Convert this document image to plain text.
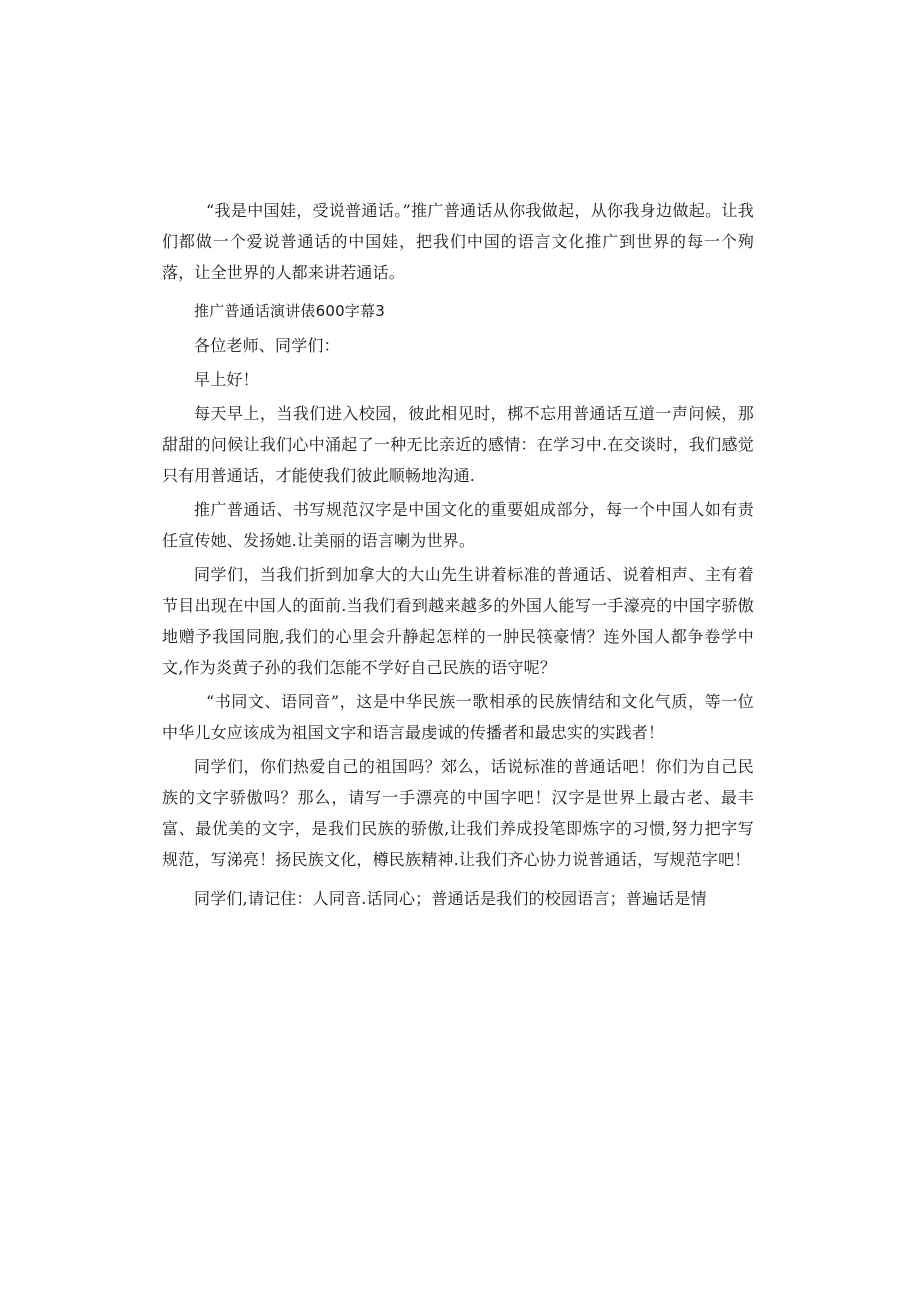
“我是中国娃，受说普通话。”推广普通话从你我做起，从你我身边做起。让我们都做一个爱说普通话的中国娃，把我们中国的语言文化推广到世界的每一个殉落，让全世界的人都来讲若通话。

推广普通话演讲俵600字幕3

各位老师、同学们：

早上好！

每天早上，当我们进入校园，彼此相见时，梆不忘用普通话互道一声问候，那甜甜的问候让我们心中涌起了一种无比亲近的感情：在学习中.在交谈时，我们感觉只有用普通话，才能使我们彼此顺畅地沟通.

推广普通话、书写规范汉字是中国文化的重要姐成部分，每一个中国人如有责任宣传她、发扬她.让美丽的语言喇为世界。

同学们，当我们折到加拿大的大山先生讲着标准的普通话、说着相声、主有着节目出现在中国人的面前.当我们看到越来越多的外国人能写一手濠亮的中国字骄傲地赠予我国同胞,我们的心里会升静起怎样的一肿民筷豪情？连外国人都争卷学中文,作为炎黄子孙的我们怎能不学好自己民族的语守呢？

“书同文、语同音”，这是中华民族一歌相承的民族情结和文化气质，等一位中华儿女应该成为祖国文字和语言最虔诚的传播者和最忠实的实践者！

同学们，你们热爱自己的祖国吗？郊么，话说标准的普通话吧！你们为自己民族的文字骄傲吗？那么，请写一手漂亮的中国字吧！汉字是世界上最古老、最丰富、最优美的文字，是我们民族的骄傲,让我们养成投笔即炼字的习惯,努力把字写规范，写涕亮！扬民族文化，樽民族精神.让我们齐心协力说普通话，写规范字吧！

同学们,请记住：人同音.话同心；普通话是我们的校园语言；普遍话是情
